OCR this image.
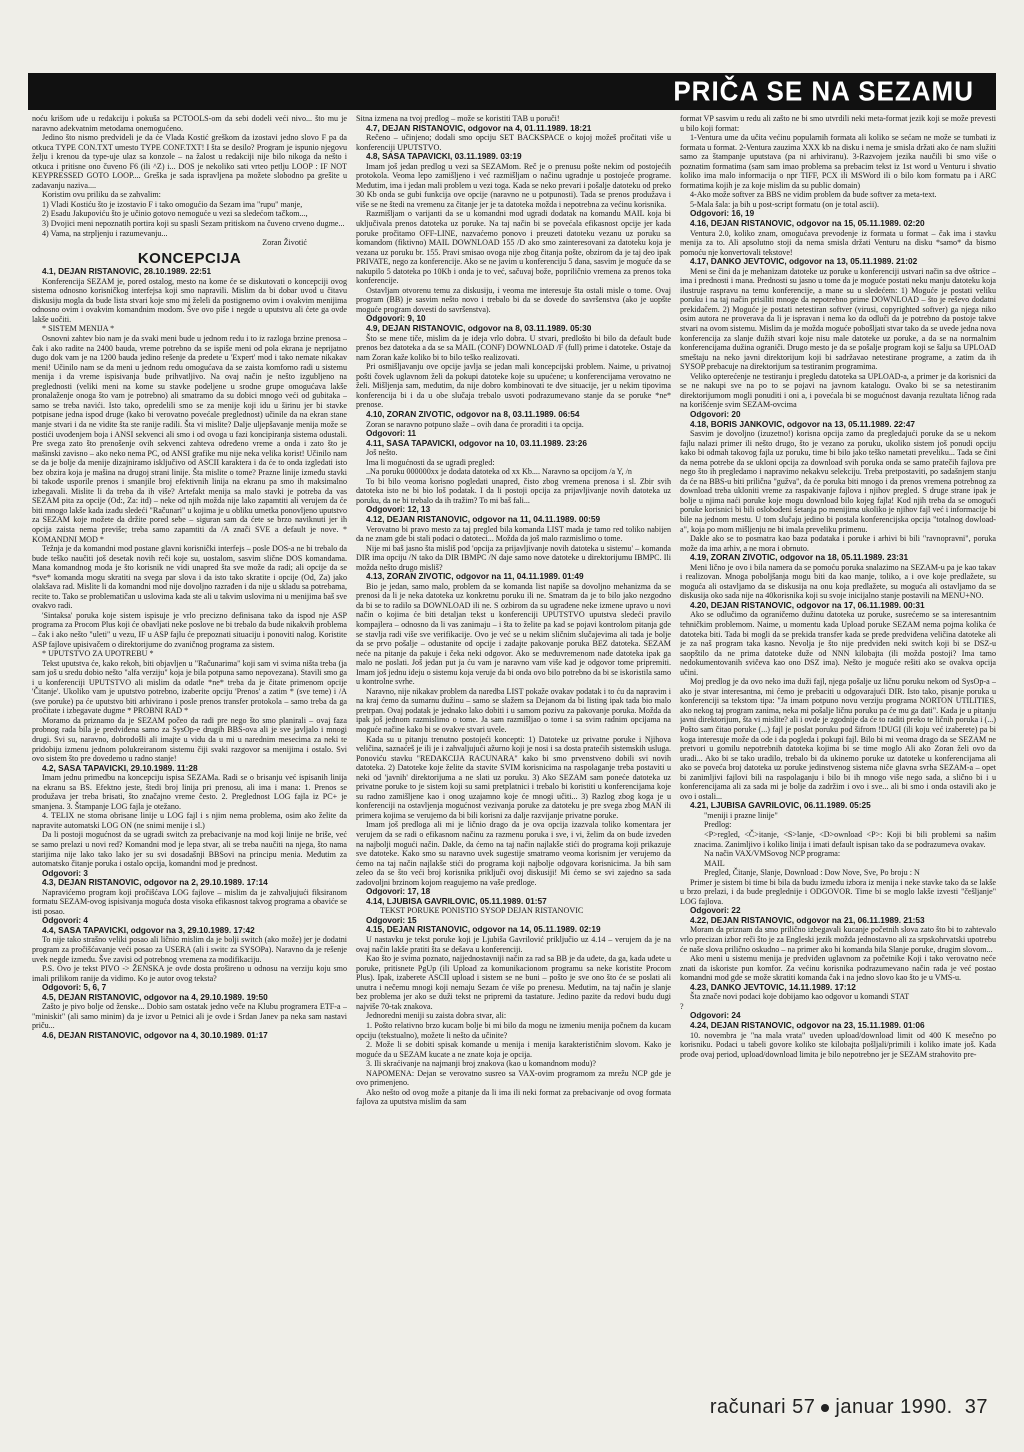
PRIČA SE NA SEZAMU

noću krišom uđe u redakciju i pokuša sa PCTOOLS-om da sebi dodeli veći nivo... što mu je naravno adekvatnim metodama onemogućeno.

Jedino što nismo predvideli je da će Vlada Kostić greškom da izostavi jedno slovo F pa da otkuca TYPE CON.TXT umesto TYPE CONF.TXT! I šta se desilo? Program je ispunio njegovu želju i krenou da type-uje ulaz sa konzole – na žalost u redakciji nije bilo nikoga da nešto i otkuca i pritisne ono čuveno F6 (ili ^Z) i... DOS je nekoliko sati vrteo petlju LOOP : IF NOT KEYPRESSED GOTO LOOP.... Greška je sada ispravljena pa možete slobodno pa grešite u zadavanju naziva....

Koristim ovu priliku da se zahvalim:

1) Vladi Kostiću što je izostavio F i tako omogućio da Sezam ima "rupu" manje,

2) Esadu Jakupoviću što je učinio gotovo nemoguće u vezi sa sledećom tačkom...,

3) Dvojici meni nepoznatih portira koji su spasli Sezam pritiskom na čuveno crveno dugme...

4) Vama, na strpljenju i razumevanju...

Zoran Životić

KONCEPCIJA

4.1, DEJAN RISTANOVIC, 28.10.1989. 22:51

Konferencija SEZAM je, pored ostalog, mesto na kome će se diskutovati o koncepciji ovog sistema odnosno korisničkog interfejsa koji smo napravili. Mislim da bi dobar uvod u čitavu diskusiju mogla da bude lista stvari koje smo mi želeli da postignemo ovim i ovakvim menijima odnosno ovim i ovakvim komandnim modom. Šve ovo piše i negde u uputstvu ali ćete ga ovde lakše uočiti.

* SISTEM MENIJA *

Osnovni zahtev bio nam je da svaki meni bude u jednom redu i to iz razloga brzine prenosa – čak i ako radite na 2400 bauda, vreme potrebno da se ispiše meni od pola ekrana je neprijatno dugo dok vam je na 1200 bauda jedino rešenje da predete u 'Expert' mod i tako nemate nikakav meni! Učinilo nam se da meni u jednom redu omogućava da se zaista komforno radi u sistemu menija i da vreme ispisivanja bude prihvatljivo. Na ovaj način je nešto izgubljeno na preglednosti (veliki meni na kome su stavke podeljene u srodne grupe omogućava lakše pronalaženje onoga što vam je potrebno) ali smatramo da su dobici mnogo veći od gubitaka – samo se treba navići. Isto tako, opredelili smo se za menije koji idu u širinu jer bi stavke potpisane jedna ispod druge (kako bi verovatno povećale preglednost) učinile da na ekran stane manje stvari i da ne vidite šta ste ranije radili. Šta vi mislite? Dalje uljepšavanje menija može se postići uvođenjem boja i ANSI sekvenci ali smo i od ovoga u fazi koncipiranja sistema odustali. Pre svega zato što prenošenje ovih sekvenci zahteva određeno vreme a onda i zato što je mašinski zavisno – ako neko nema PC, od ANSI grafike mu nije neka velika korist! Učinilo nam se da je bolje da menije dizajniramo isključivo od ASCII karaktera i da će to onda izgledati isto bez obzira koja je mašina na drugoj strani linije. Šta mislite o tome? Prazne linije između stavki bi takođe usporile prenos i smanjile broj efektivnih linija na ekranu pa smo ih maksimalno izbegavali. Mislite li da treba da ih više? Artefakt menija sa malo stavki je potreba da vas SEZAM pita za opcije (Od:, Za: itd) – neke od njih možda nije lako zapamtiti ali verujem da će biti mnogo lakše kada izađu sledeći "Računari" u kojima je u obliku umetka ponovljeno uputstvo za SEZAM koje možete da držite pored sebe – siguran sam da ćete se brzo naviknuti jer ih opcija zaista nema previše; treba samo zapamtiti da /A znači SVE a default je nove. * KOMANDNI MOD *

Težnja je da komandni mod postane glavni korisnički interfejs – posle DOS-a ne bi trebalo da bude teško naučiti još desetak novih reči koje su, uostalom, sasvim slične DOS komandama. Mana komandnog moda je što korisnik ne vidi unapred šta sve može da radi; ali opcije da se *sve* komanda mogu skratiti na svega par slova i da isto tako skratite i opcije (Od, Za) jako olakšava rad. Mislite li da komandni mod nije dovoljno razrađen i da nije u skladu sa potrebama, recite to. Tako se problematičan u uslovima kada ste ali u takvim uslovima ni u menijima baš sve ovakvo radi.

'Sintaksa' poruka koje sistem ispisuje je vrlo precizno definisana tako da ispod nje ASP programa za Procom Plus koji će obavljati neke poslove ne bi trebalo da bude nikakvih problema – čak i ako nešto "uleti" u vezu, IF u ASP fajlu će prepoznati situaciju i ponoviti nalog. Koristite ASP fajlove upisivačem o direktorijume do zvaničnog programa za sistem.

* UPUTSTVO ZA UPOTREBU *

Tekst uputstva će, kako rekoh, biti objavljen u "Računarima" koji sam vi svima ništa treba (ja sam još u sredu dobio nešto "alfa verziju" koja je bila potpuna samo nepovezana). Stavili smo ga i u konferenciji UPUTSTVO ali mislim da odatle *ne* treba da je čitate primenom opcije 'Čitanje'. Ukoliko vam je uputstvo potrebno, izaberite opciju 'Prenos' a zatim * (sve teme) i /A (sve poruke) pa će uputstvo biti arhivirano i posle prenos transfer protokola – samo treba da ga pročitate i izbegavate dugme * PROBNI RAD *

Moramo da priznamo da je SEZAM počeo da radi pre nego što smo planirali – ovaj faza probnog rada bila je predviđena samo za SysOp-e drugih BBS-ova ali je sve javljalo i mnogi drugi. Svi su, naravno, dobrodošli ali imajte u vidu da u mi u narednim mesecima za neki te pridobiju izmenu jednom polukreiranom sistemu čiji svaki razgovor sa menijima i ostalo. Svi ovo sistem što pre dovedemo u radno stanje!

4.2, SASA TAPAVICKI, 29.10.1989. 11:28

Imam jednu primedbu na koncepciju ispisa SEZAMa. Radi se o brisanju već ispisanih linija na ekranu sa BS. Efektno jeste, štedi broj linija pri prenosu, ali ima i mana: 1. Prenos se produžava jer treba brisati, što značajno vreme često. 2. Preglednost LOG fajla iz PC+ je smanjena. 3. Štampanje LOG fajla je otežano.

4. TELIX ne stoma obrisane linije u LOG fajl i s njim nema problema, osim ako želite da napravite automatski LOG ON (ne snimi menije i sl.)

Da li postoji mogućnost da se ugradi switch za prebacivanje na mod koji linije ne briše, već se samo prelazi u novi red? Komandni mod je lepa stvar, ali se treba naučiti na njega, što nama starijima nije lako tako lako jer su svi dosadašnji BBSovi na principu menia. Međutim za automatsko čitanje poruka i ostalo opcija, komandni mod je prednost.

Odgovori: 3

4.3, DEJAN RISTANOVIC, odgovor na 2, 29.10.1989. 17:14

Napravićemo program koji pročišćava LOG fajlove – mislim da je zahvaljujući fiksiranom formatu SEZAM-ovog ispisivanja moguća dosta visoka efikasnost takvog programa a obaviće se isti posao.

Odgovori: 4

4.4, SASA TAPAVICKI, odgovor na 3, 29.10.1989. 17:42

To nije tako strašno veliki posao ali ličnio mislim da je bolji switch (ako može) jer je dodatni program za pročišćavanje veći posao za USERA (ali i switc za SYSOPa). Naravno da je rešenje uvek negde između. Šve zavisi od potrebnog vremena za modifikaciju.

P.S. Ovo je tekst PIVO -> ŽENSKA je ovde dosta prošireno u odnosu na verziju koju smo imali prilikom ranije da vidimo. Ko je autor ovog teksta?

Odgovori: 5, 6, 7

4.5, DEJAN RISTANOVIC, odgovor na 4, 29.10.1989. 19:50

Zašto je pivo bolje od ženske... Dobio sam ostatak jedno veče na Klubu programera ETF-a – "miniskit" (ali samo minim) da je izvor u Petnici ali je ovde i Srdan Janev pa neka sam nastavi priču...

4.6, DEJAN RISTANOVIC, odgovor na 4, 30.10.1989. 01:17

Sitna izmena na tvoj predlog – može se koristiti TAB u poruči!

4.7, DEJAN RISTANOVIC, odgovor na 4, 01.11.1989. 18:21

Rečeno – učinjeno; dodali smo opciju SET BACKSPACE o kojoj možeš pročitati više u konferenciji UPUTSTVO.

4.8, SASA TAPAVICKI, 03.11.1989. 03:19

Imam još jedan predlog u vezi sa SEZAMom. Reč je o prenusu pošte nekim od postojećih protokola. Veoma lepo zamišljeno i već razmišljam o načinu ugradnje u postojeće programe. Međutim, ima i jedan mali problem u vezi toga. Kada se neko prevari i pošalje datoteku od preko 30 Kb onda se gubi funkcija ove opcije (naravno ne u potpunosti). Tada se prenos produžava i više se ne štedi na vremenu za čitanje jer je ta datoteka možda i nepotrebna za većinu korisnika.

Razmišljam o varijanti da se u komandni mod ugradi dodatak na komandu MAIL koja bi uključivala prenos datoteka uz poruke. Na taj način bi se povećala efikasnost opcije jer kada poruke pročitamo OFF-LINE, nazvaćemo ponovo i preuzeti datoteku vezanu uz poruku sa komandom (fiktivno) MAIL DOWNLOAD 155 /D ako smo zainteresovani za datoteku koja je vezana uz poruku br. 155. Pravi smisao ovoga nije zbog čitanja pošte, obzirom da je taj deo ipak PRIVATE, nego za konferencije. Ako se ne javim u konferenciju 5 dana, sasvim je moguće da se nakupilo 5 datoteka po 10Kb i onda je to već, sačuvaj bože, popriličnio vremena za prenos toka konferencije.

Ostavljam otvorenu temu za diskusiju, i veoma me interesuje šta ostali misle o tome. Ovaj program (BB) je sasvim nešto novo i trebalo bi da se dovede do savršenstva (ako je uopšte moguće program dovesti do savršenstva).

Odgovori: 9, 10

4.9, DEJAN RISTANOVIC, odgovor na 8, 03.11.1989. 05:30

Što se mene tiče, mislim da je ideja vrlo dobra. U stvari, predlošto bi bilo da default bude prenos bez datoteka a da se sa MAIL (CONF) DOWNLOAD /F (full) prime i datoteke. Ostaje da nam Zoran kaže koliko bi to bilo teško realizovati.

Pri osmišljavanju ove opcije javlja se jedan mali koncepcijski problem. Naime, u privatnoj pošti čovek uglavnom želi da pokupi datoteke koje su upućene; u konferencijama verovatno ne želi. Mišljenja sam, međutim, da nije dobro kombinovati te dve situacije, jer u nekim tipovima konferencija bi i da u obe slučaja trebalo usvoti podrazumevano stanje da se poruke *ne* prenose.

4.10, ZORAN ZIVOTIC, odgovor na 8, 03.11.1989. 06:54

Zoran se naravno potpuno slaže – ovih dana će proraditi i ta opcija.

Odgovori: 11

4.11, SASA TAPAVICKI, odgovor na 10, 03.11.1989. 23:26

Još nešto.

Ima li mogućnosti da se ugradi pregled:

..Na poruku 000000xx je dodata datoteka od xx Kb.... Naravno sa opcijom /a Y, /n

To bi bilo veoma korisno pogledati unapred, čisto zbog vremena prenosa i sl. Zbir svih datoteka isto ne bi bio loš podatak. I da li postoji opcija za prijavljivanje novih datoteka uz poruku, da ne bi trebalo da ih tražim? To mi baš fali...

Odgovori: 12, 13

4.12, DEJAN RISTANOVIC, odgovor na 11, 04.11.1989. 00:59

Verovatno bi pravo mesto za taj pregled bila komanda LIST mada je tamo red toliko nabijen da ne znam gde bi stali podaci o datoteci... Možda da još malo razmislimo o tome.

Nije mi baš jasno šta misliš pod 'opcija za prijavljivanje novih datoteka u sistemu' – komanda DIR ima opciju /N tako da DIR IBMPC /N daje samo nove datoteke u direktorijumu IBMPC. Ili možda nešto drugo misliš?

4.13, ZORAN ZIVOTIC, odgovor na 11, 04.11.1989. 01:49

Bio je jedan, samo malo, problem da se komanda list napiše sa dovoljno mehanizma da se prenosi da li je neka datoteka uz konkretnu poruku ili ne. Smatram da je to bilo jako nezgodno da bi se to radilo sa DOWNLOAD ili ne. S ozbirom da su ugrađene neke izmene upravo u novi način o kojima će biti detaljan tekst u konferenciji UPUTSTVO uputstva sledeći pravilo kompajlera – odnosno da li vas zanimaju – i šta to želite pa kad se pojavi kontrolom pitanja gde se stavlja radi više sve verifikacije. Ovo je već se u nekim sličnim slučajevima ali tada je bolje da se prvo pošalje – odustanite od opcije i zadajte pakovanje poruka BEZ datoteka. SEZAM neće na pitanje da pakuje i čeka neki odgovor. Ako se međuvremenom nađe datoteka ipak ga malo ne poslati. Još jedan put ja ću vam je naravno vam više kad je odgovor tome pripremiti. Imam još jednu ideju o sistemu koja veruje da bi onda ovo bilo potrebno da bi se iskoristila samo u kontrolne svrhe.

Naravno, nije nikakav problem da naredba LIST pokaže ovakav podatak i to ću da napravim i na kraj ćemo da sumarnu dužinu – samo se slažem sa Dejanom da bi listing ipak tada bio malo pretrpan. Ovaj podatak je jednako lako dobiti i u samom pozivu za pakovanje poruka. Možda da ipak još jednom razmislimo o tome. Ja sam razmišljao o tome i sa svim radnim opcijama na moguće načine kako bi se ovakve stvari uvele.

Kada su u pitanju trenutno postojeći koncepti: 1) Datoteke uz privatne poruke i Njihova veličina, saznaćeš je ili je i zahvaljujući ažurno koji je nosi i sa dosta pratećih sistemskih usluga. Ponoviću stavku "REDAKCIJA RACUNARA" kako bi smo prvenstveno dobili svi novih datoteka. 2) Datoteke koje želite da stavite SVIM korisnicima na raspolaganje treba postaviti u neki od 'javnih' direktorijuma a ne slati uz poruku. 3) Ako SEZAM sam poneće datoteka uz privatne poruke to je sistem koji su sami pretplatnici i trebalo bi koristiti u konferencijama koje su radno zamišljene kao i onog uzajamno koje će mnogi učiti... 3) Razlog zbog koga je u konferenciji na ostavljenja mogućnost vezivanja poruke za datoteku je pre svega zbog MAN ili primera kojima se verujemo da bi bili korisni za dalje razvijanje privatne poruke.

Imam još predloga ali mi je ličnio drago da je ova opcija izazvala toliko komentara jer verujem da se radi o efikasnom načinu za razmenu poruka i sve, i vi, želim da on bude izveden na najbolji mogući način. Dakle, da ćemo na taj način najlakše stići do programa koji prikazuje sve datoteke. Kako smo su naravno uvek sugestije smatramo veoma korisnim jer verujemo da ćemo na taj način najlakše stići do programa koji najbolje odgovara korisnicima. Ja bih sam zeleo da se što veći broj korisnika priključi ovoj diskusiji! Mi ćemo se svi zajedno sa sada zadovoljni brzinom kojom reagujemo na vaše predloge.

Odgovori: 17, 18

4.14, LJUBISA GAVRILOVIC, 05.11.1989. 01:57

TEKST PORUKE PONISTIO SYSOP DEJAN RISTANOVIC

Odgovori: 15

4.15, DEJAN RISTANOVIC, odgovor na 14, 05.11.1989. 02:19

U nastavku je tekst poruke koji je Ljubiša Gavrilović priključio uz 4.14 – verujem da je na ovaj način lakše pratiti šta se dešava u konferenciji.

Kao što je svima poznato, najjednostavniji način za rad sa BB je da uđete, da ga, kada uđete u poruke, pritisnete PgUp (ili Upload za komunikacionom programu sa neke koristite Procom Plus). Ipak, izaberete ASCII upload i sistem se ne buni – pošto je sve ono što će se poslati ali unutra i nečemu mnogi koji nemaju Sezam će više po prenesu. Međutim, na taj način je slanje bez problema jer ako se duži tekst ne pripremi da tastature. Jedino pazite da redovi budu dugi najviše 70-tak znakova.

Jednoredni meniji su zaista dobra stvar, ali:

1. Pošto relativno brzo kucam bolje bi mi bilo da mogu ne izmeniu menija počnem da kucam opciju (tekstualno), možete li nešto da učinite?

2. Može li se dobiti spisak komande u menija i menija karakterističnim slovom. Kako je moguće da u SEZAM kucate a ne znate koja je opcija.

3. Ili skraćivanje na najmanji broj znakova (kao u komandnom modu)?

NAPOMENA: Dejan se verovatno susreo sa VAX-ovim programom za mrežu NCP gde je ovo primenjeno.

Ako nešto od ovog može a pitanje da li ima ili neki format za prebacivanje od ovog formata fajlova za uputstva mislim da sam

format VP sasvim u redu ali zašto ne bi smo utvrdili neki meta-format jezik koji se može prevesti u bilo koji format:

1-Ventura ume da učita većinu popularnih formata ali koliko se sećam ne može se tumbati iz formata u format. 2-Ventura zauzima XXX kb na disku i nema je smisla držati ako će nam služiti samo za štampanje uputstava (pa ni arhiviranu). 3-Razvojem jezika naučili bi smo više o poznatim formatima (sam sam imao problema sa prebacim tekst iz 1st word u Venturu i shvatio koliko ima malo informacija o npr TIFF, PCX ili MSWord ili o bilo kom formatu pa i ARC formatima kojih je za koje mislim da su public domain)

4-Ako može softver za BBS ne vidim problem da bude softver za meta-text.

5-Mala šala: ja bih u post-script formatu (on je total ascii).

Odgovori: 16, 19

4.16, DEJAN RISTANOVIC, odgovor na 15, 05.11.1989. 02:20

Ventura 2.0, koliko znam, omogućava prevodenje iz formata u format – čak ima i stavku menija za to. Ali apsolutno stoji da nema smisla držati Venturu na disku *samo* da bismo pomoću nje konvertovali tekstove!

4.17, DANKO JEVTOVIC, odgovor na 13, 05.11.1989. 21:02

Meni se čini da je mehanizam datoteke uz poruke u konferenciji ustvari način sa dve oštrice – ima i prednosti i mana. Prednosti su jasno u tome da je moguće postati neku manju datoteku koja ilustruje raspravu na temu konferencije, a mane su u sledećem: 1) Moguće je postati veliku poruku i na taj način prisiliti mnoge da nepotrebno prime DOWNLOAD – što je reševo dodatni prekidačem. 2) Moguće je postati netestiran softver (virusi, copyrighted softver) ga njega niko osim autora ne proverava da li je ispravan i nema ko da odluči da je potrebno da postoje takve stvari na ovom sistemu. Mislim da je možda moguće pobošljati stvar tako da se uvede jedna nova konferencija za slanje đužih stvari koje nisu male datoteke uz poruke, a da se na normalnim konferencijama dužina ograniči. Drugo mesto je da se pošalje program koji se šalju sa UPLOAD smeštaju na neko javni direktorijum koji bi sadržavao netestirane programe, a zatim da ih SYSOP prebacuje na direktorijum sa testiranim programima.

Veliko opterećenje ne testiranju i pregledu datoteka sa UPLOAD-a, a primer je da korisnici da se ne nakupi sve na po to se pojavi na javnom katalogu. Ovako bi se sa netestiranim direktorijumom mogli ponuditi i oni a, i povećala bi se mogućnost davanja rezultata ličnog rada na korišćenje svim SEZAM-ovcima

Odgovori: 20

4.18, BORIS JANKOVIC, odgovor na 13, 05.11.1989. 22:47

Sasvim je dovoljno (izuzetno!) korisna opcija zamo da pregledajući poruke da se u nekom fajlu nalazi primer ili nešto drugo, što je vezano za poruku, ukoliko sistem još ponudi opciju kako bi odmah takovog fajla uz poruku, time bi bilo jako teško nametati preveliku... Tada se čini da nema potrebe da se ukloni opcija za download svih poruka onda se samo pratečih fajlova pre nego što ih pregledamo i napravimo nekakvu selekciju. Treba pretpostaviti, po sadašnjem stanju da će na BBS-u biti prilična "gužva", da će poruka biti mnogo i da prenos vremena potrebnog za download treba ukloniti vreme za raspakivanje fajlova i njihov pregled. S druge strane ipak je bolje u njima naći poruke koje mogu download bilo kojeg fajla! Kod njih treba da se omogući poruke korisnici bi bili oslobođeni šetanja po menijima ukoliko je njihov fajl već i informacije bi bile na jednom mestu. U tom slučaju jedino bi postala konferencijska opcija "totalnog dowload-a", koja po mom mišljenju ne bi imala preveliku primenu.

Dakle ako se to posmatra kao baza podataka i poruke i arhivi bi bili "ravnopravni", poruka može da ima arhiv, a ne mora i obrnuto.

4.19, ZORAN ZIVOTIC, odgovor na 18, 05.11.1989. 23:31

Meni lično je ovo i bila namera da se pomoću poruka snalazimo na SEZAM-u pa je kao takav i realizovan. Mnoga poboljšanja mogu biti da kao manje, toliko, a i ove koje predlažete, su moguća ali ostavljamo da se diskusija na onu koja predlažete, su moguća ali ostavljamo da se diskusija oko sada nije na 40korisnika koji su svoje inicijalno stanje postavili na MENU+NO.

4.20, DEJAN RISTANOVIC, odgovor na 17, 06.11.1989. 00:31

Ako se odlučimo da ograničemo dužinu datoteka uz poruke, susrećemo se sa interesantnim tehničkim problemom. Naime, u momentu kada Upload poruke SEZAM nema pojma kolika će datoteka biti. Tada bi mogli da se prekida transfer kada se pređe predviđena veličina datoteke ali je za naš program taka kasno. Nevolja je što nije predviđen neki switch koji bi se DSZ-u saopštilo da ne prima datoteke duže od NNN kilobajta (ili možda postoji? Ima tamo nedokumentovanih svičeva kao ono DSZ ima). Nešto je moguće rešiti ako se ovakva opcija učini.

Moj predlog je da ovo neko ima duži fajl, njega pošalje uz ličnu poruku nekom od SysOp-a – ako je stvar interesantna, mi ćemo je prebaciti u odgovarajući DIR. Isto tako, pisanje poruka u konferenciji sa tekstom tipa: "Ja imam potpuno novu verziju programa NORTON UTILITIES, ako nekog taj program zanima, neka mi pošalje ličnu poruku pa će mu ga dati". Kada je u pitanju javni direktorijum, šta vi mislite? ali i ovde je zgodnije da će to raditi preko te ličnih poruka i (...) Pošto sam čitao poruke (...) fajl je poslat poruku pod šifrom !DUGI (ili koju već izaberete) pa bi koga interesuje može da ode i da pogleda i pokupi fajl. Bilo bi mi veoma drago da se SEZAM ne pretvori u gomilu nepotrebnih datoteka kojima bi se time moglo Ali ako Zoran želi ovo da uradi... Ako bi se tako uradilo, trebalo bi da ukinemo poruke uz datoteke u konferencijama ali ako se poveća broj datoteka uz poruke jedinstvenog sistema niče glavna svrha SEZAM-a – opet bi zanimljivi fajlovi bili na raspolaganju i bilo bi ih mnogo više nego sada, a slično bi i u konferencijama ali za sada mi je bolje da zadržim i ovo i sve... ali bi smo i onda ostavili ako je ovo i ostali...

4.21, LJUBISA GAVRILOVIC, 06.11.1989. 05:25

"meniji i prazne linije"

Predlog:

<P>regled, <Č>itanje, <S>lanje, <D>ownload <P>: Koji bi bili problemi sa našim znacima. Zanimljivo i koliko linija i imati default ispisan tako da se podrazumeva ovakav.

Na način VAX/VMSovog NCP programa:

MAIL

Pregled, Čitanje, Slanje, Download : Dow Nove, Sve, Po broju : N

Primer je sistem bi time bi bila da budu između izbora iz menija i neke stavke tako da se lakše u brzo prelazi, i da bude preglednije i ODGOVOR. Time bi se moglo lakše izvesti "češljanje" LOG fajlova.

Odgovori: 22

4.22, DEJAN RISTANOVIC, odgovor na 21, 06.11.1989. 21:53

Moram da priznam da smo prilično izbegavali kucanje početnih slova zato što bi to zahtevalo vrlo precizan izbor reči što je za Engleski jezik možda jednostavno ali za srpskohrvatski upotrebu će naše slova prilično oskudno – na primer ako bi komanda bila Slanje poruke, drugim slovom...

Ako meni u sistemu menija je predviđen uglavnom za početnike Koji i tako verovatno neće znati da iskoriste pun komfor. Za većinu korisnika podrazumevano način rada je već postao komandni mod gde se može skratiti komanda čak i na jedno slovo kao što je u VMS-u.

4.23, DANKO JEVTOVIC, 14.11.1989. 17:12

Šta znače novi podaci koje dobijamo kao odgovor u komandi STAT

?

Odgovori: 24

4.24, DEJAN RISTANOVIC, odgovor na 23, 15.11.1989. 01:06

10. novembra je "na mala vrata" uveden upload/download limit od 400 K mesečno po korisniku. Podaci u tabeli govore koliko ste kilobajta pošljali/primili i koliko imate još. Kada prođe ovaj period, upload/download limita je bilo nepotrebno jer je SEZAM strahovito pre-

računari 57 januar 1990. 37
